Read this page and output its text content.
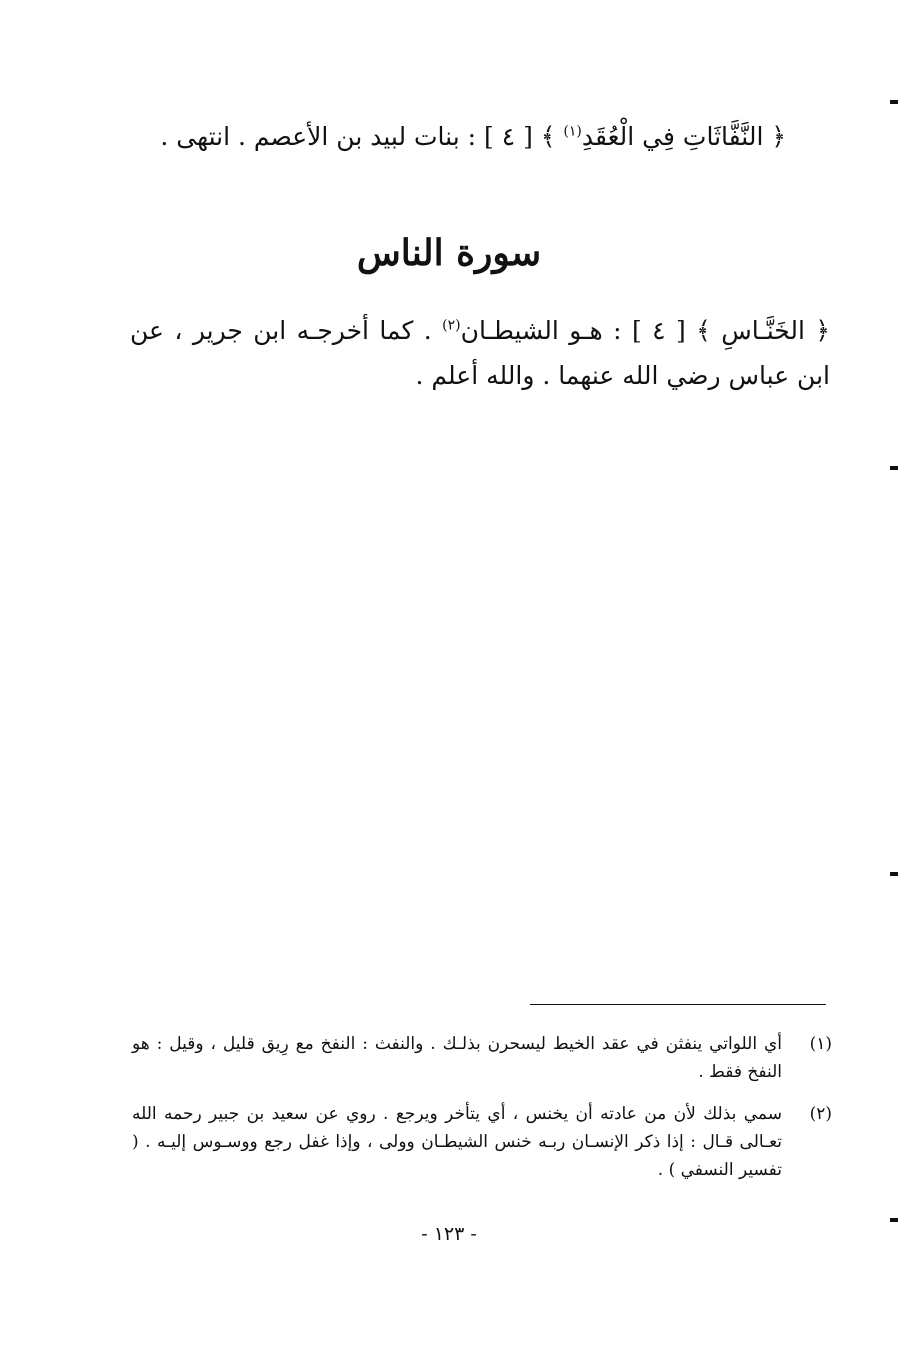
﴿ النَّفَّاثَاتِ فِي الْعُقَدِ$^{(١)}$ ﴾ [ ٤ ] : بنات لبيد بن الأعصم . انتهى .
سورة الناس
﴿ الخَنَّـاسِ ﴾ [ ٤ ] : هـو الشيطـان$^{(٢)}$ . كما أخرجـه ابن جرير ، عن ابن عباس رضي الله عنهما . والله أعلم .
(١)
أي اللواتي ينفثن في عقد الخيط ليسحرن بذلـك . والنفث : النفخ مع رِيق قليل ، وقيل : هو النفخ فقط .
(٢)
سمي بذلك لأن من عادته أن يخنس ، أي يتأخر ويرجع . روي عن سعيد بن جبير رحمه الله تعـالى قـال : إذا ذكر الإنسـان ربـه خنس الشيطـان وولى ، وإذا غفل رجع ووسـوس إليـه . ( تفسير النسفي ) .
- ١٢٣ -
